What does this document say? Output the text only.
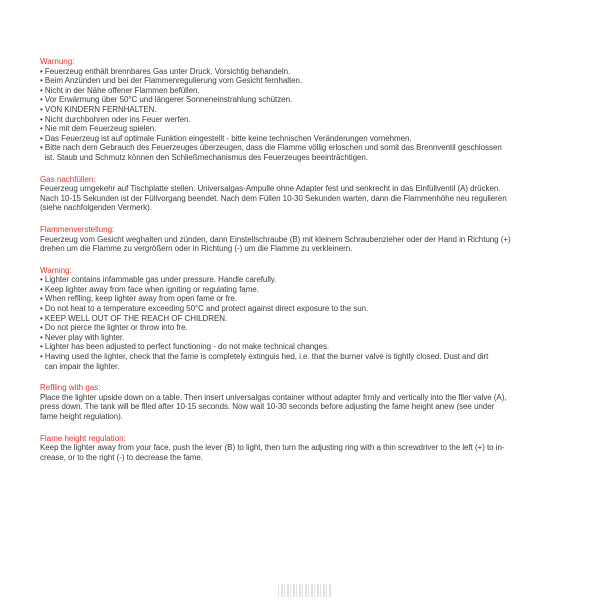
Warnung:
• Feuerzeug enthält brennbares Gas unter Druck. Vorsichtig behandeln.
• Beim Anzünden und bei der Flammenregulierung vom Gesicht fernhalten.
• Nicht in der Nähe offener Flammen befüllen.
• Vor Erwärmung über 50°C und längerer Sonneneinstrahlung schützen.
• VON KINDERN FERNHALTEN.
• Nicht durchbohren oder ins Feuer werfen.
• Nie mit dem Feuerzeug spielen.
• Das Feuerzeug ist auf optimale Funktion eingestellt - bitte keine technischen Veränderungen vornehmen.
• Bitte nach dem Gebrauch des Feuerzeuges überzeugen, dass die Flamme völlig erloschen und somit das Brennventil geschlossen
ist. Staub und Schmutz können den Schließmechanismus des Feuerzeuges beeinträchtigen.
Gas nachfüllen:
Feuerzeug umgekehr auf Tischplatte stellen. Universalgas-Ampulle ohne Adapter fest und senkrecht in das Einfüllventil (A) drücken.
Nach 10-15 Sekunden ist der Füllvorgang beendet. Nach dem Füllen 10-30 Sekunden warten, dann die Flammenhöhe neu regulieren
(siehe nachfolgenden Vermerk).
Flammenverstellung:
Feuerzeug vom Gesicht weghalten und zünden, dann Einstellschraube (B) mit kleinem Schraubenzieher oder der Hand in Richtung (+)
drehen um die Flamme zu vergrößern oder in Richtung (-) um die Flamme zu verkleinern.
Warning:
• Lighter contains infammable gas under pressure. Handle carefully.
• Keep lighter away from face when igniting or regulating fame.
• When reflling, keep lighter away from open fame or fre.
• Do not heat to a temperature exceeding 50°C and protect against direct exposure to the sun.
• KEEP WELL OUT OF THE REACH OF CHILDREN.
• Do not pierce the lighter or throw into fre.
• Never play with lighter.
• Lighter has been adjusted to perfect functioning - do not make technical changes.
• Having used the lighter, check that the fame is completely extinguis hed, i.e. that the burner valve is tightly closed. Dust and dirt
can impair the lighter.
Reflling with gas:
Place the lighter upside down on a table. Then insert universalgas container without adapter frmly and vertically into the fller valve (A),
press down. The tank will be flled after 10-15 seconds. Now wait 10-30 seconds before adjusting the fame height anew (see under
fame height regulation).
Flame height regulation:
Keep the lighter away from your face, push the lever (B) to light, then turn the adjusting ring with a thin screwdriver to the left (+) to in-
crease, or to the right (-) to decrease the fame.
